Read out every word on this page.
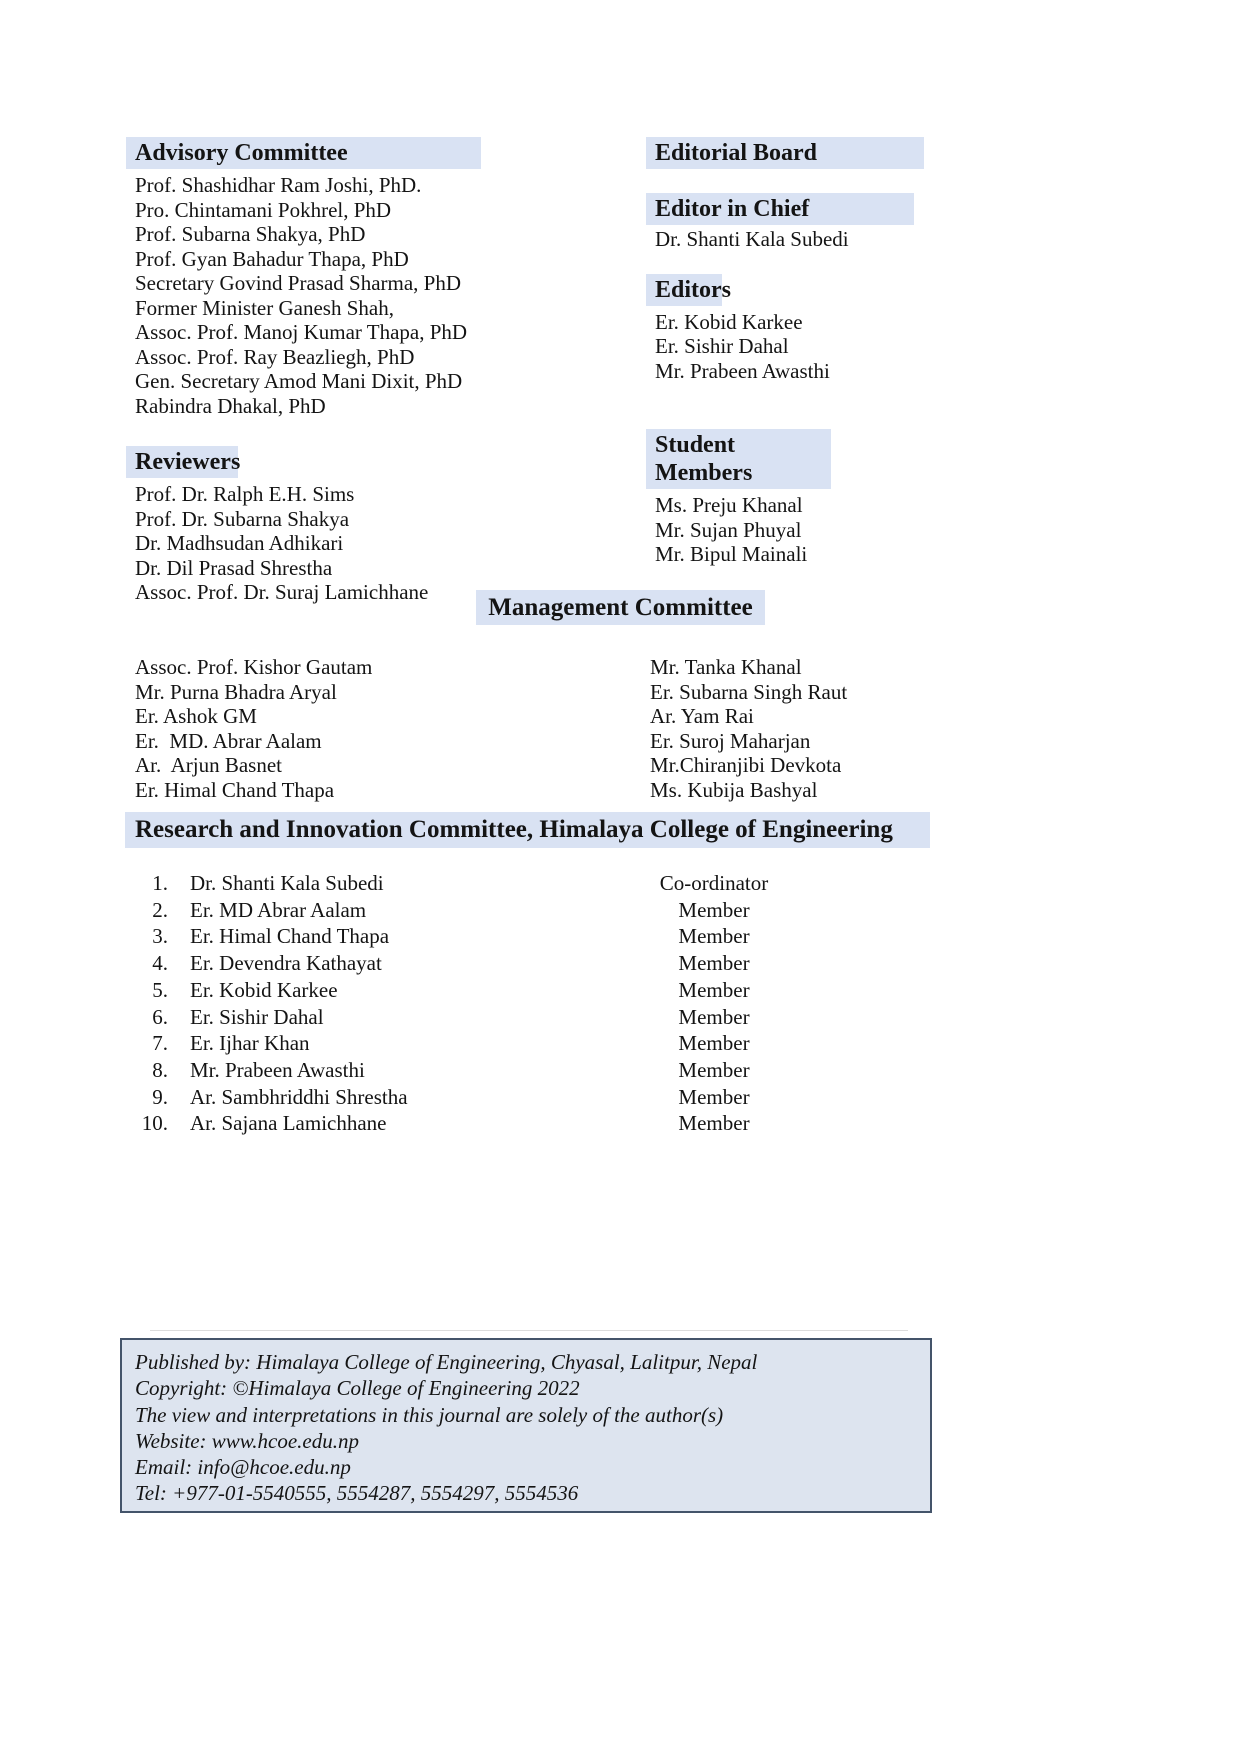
Advisory Committee
Prof. Shashidhar Ram Joshi, PhD.
Pro. Chintamani Pokhrel, PhD
Prof. Subarna Shakya, PhD
Prof. Gyan Bahadur Thapa, PhD
Secretary Govind Prasad Sharma, PhD
Former Minister Ganesh Shah,
Assoc. Prof. Manoj Kumar Thapa, PhD
Assoc. Prof. Ray Beazliegh, PhD
Gen. Secretary Amod Mani Dixit, PhD
Rabindra Dhakal, PhD
Reviewers
Prof. Dr. Ralph E.H. Sims
Prof. Dr. Subarna Shakya
Dr. Madhsudan Adhikari
Dr. Dil Prasad Shrestha
Assoc. Prof. Dr. Suraj Lamichhane
Editorial Board
Editor in Chief
Dr. Shanti Kala Subedi
Editors
Er. Kobid Karkee
Er. Sishir Dahal
Mr. Prabeen Awasthi
Student Members
Ms. Preju Khanal
Mr. Sujan Phuyal
Mr. Bipul Mainali
Management Committee
Assoc. Prof. Kishor Gautam
Mr. Purna Bhadra Aryal
Er. Ashok GM
Er.  MD. Abrar Aalam
Ar.  Arjun Basnet
Er. Himal Chand Thapa
Mr. Tanka Khanal
Er. Subarna Singh Raut
Ar. Yam Rai
Er. Suroj Maharjan
Mr.Chiranjibi Devkota
Ms. Kubija Bashyal
Research and Innovation Committee, Himalaya College of Engineering
1. Dr. Shanti Kala Subedi	Co-ordinator
2. Er. MD Abrar Aalam	Member
3. Er. Himal Chand Thapa	Member
4. Er. Devendra Kathayat	Member
5. Er. Kobid Karkee	Member
6. Er. Sishir Dahal	Member
7. Er. Ijhar Khan	Member
8. Mr. Prabeen Awasthi	Member
9. Ar. Sambhriddhi Shrestha	Member
10. Ar. Sajana Lamichhane	Member
Published by: Himalaya College of Engineering, Chyasal, Lalitpur, Nepal
Copyright: ©Himalaya College of Engineering 2022
The view and interpretations in this journal are solely of the author(s)
Website: www.hcoe.edu.np
Email: info@hcoe.edu.np
Tel: +977-01-5540555, 5554287, 5554297, 5554536
